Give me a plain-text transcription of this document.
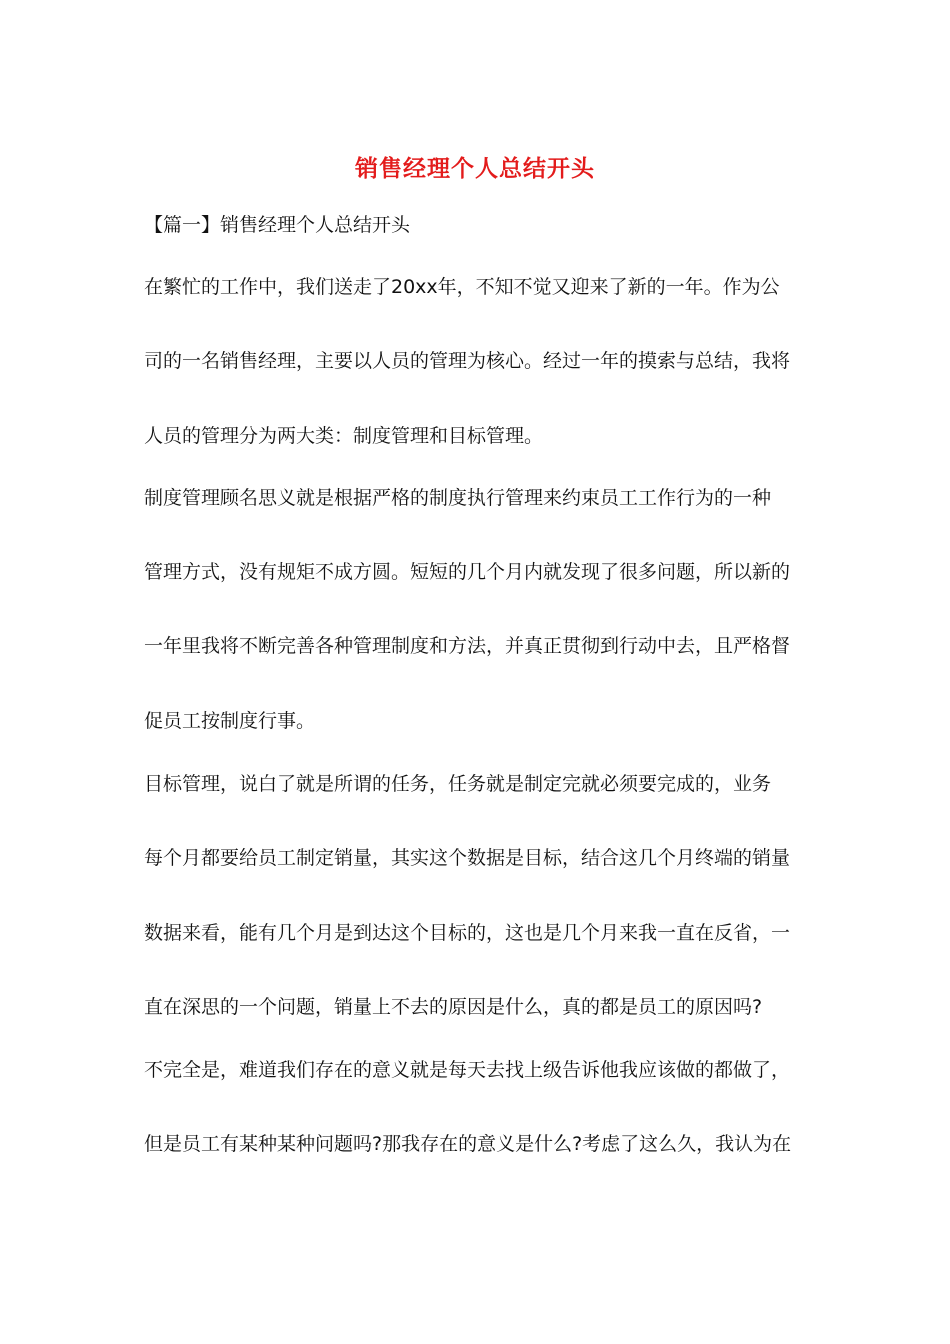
销售经理个人总结开头
【篇一】销售经理个人总结开头
在繁忙的工作中，我们送走了20xx年，不知不觉又迎来了新的一年。作为公
司的一名销售经理，主要以人员的管理为核心。经过一年的摸索与总结，我将
人员的管理分为两大类：制度管理和目标管理。
制度管理顾名思义就是根据严格的制度执行管理来约束员工工作行为的一种
管理方式，没有规矩不成方圆。短短的几个月内就发现了很多问题，所以新的
一年里我将不断完善各种管理制度和方法，并真正贯彻到行动中去，且严格督
促员工按制度行事。
目标管理，说白了就是所谓的任务，任务就是制定完就必须要完成的，业务
每个月都要给员工制定销量，其实这个数据是目标，结合这几个月终端的销量
数据来看，能有几个月是到达这个目标的，这也是几个月来我一直在反省，一
直在深思的一个问题，销量上不去的原因是什么，真的都是员工的原因吗?
不完全是，难道我们存在的意义就是每天去找上级告诉他我应该做的都做了，
但是员工有某种某种问题吗?那我存在的意义是什么?考虑了这么久，我认为在
